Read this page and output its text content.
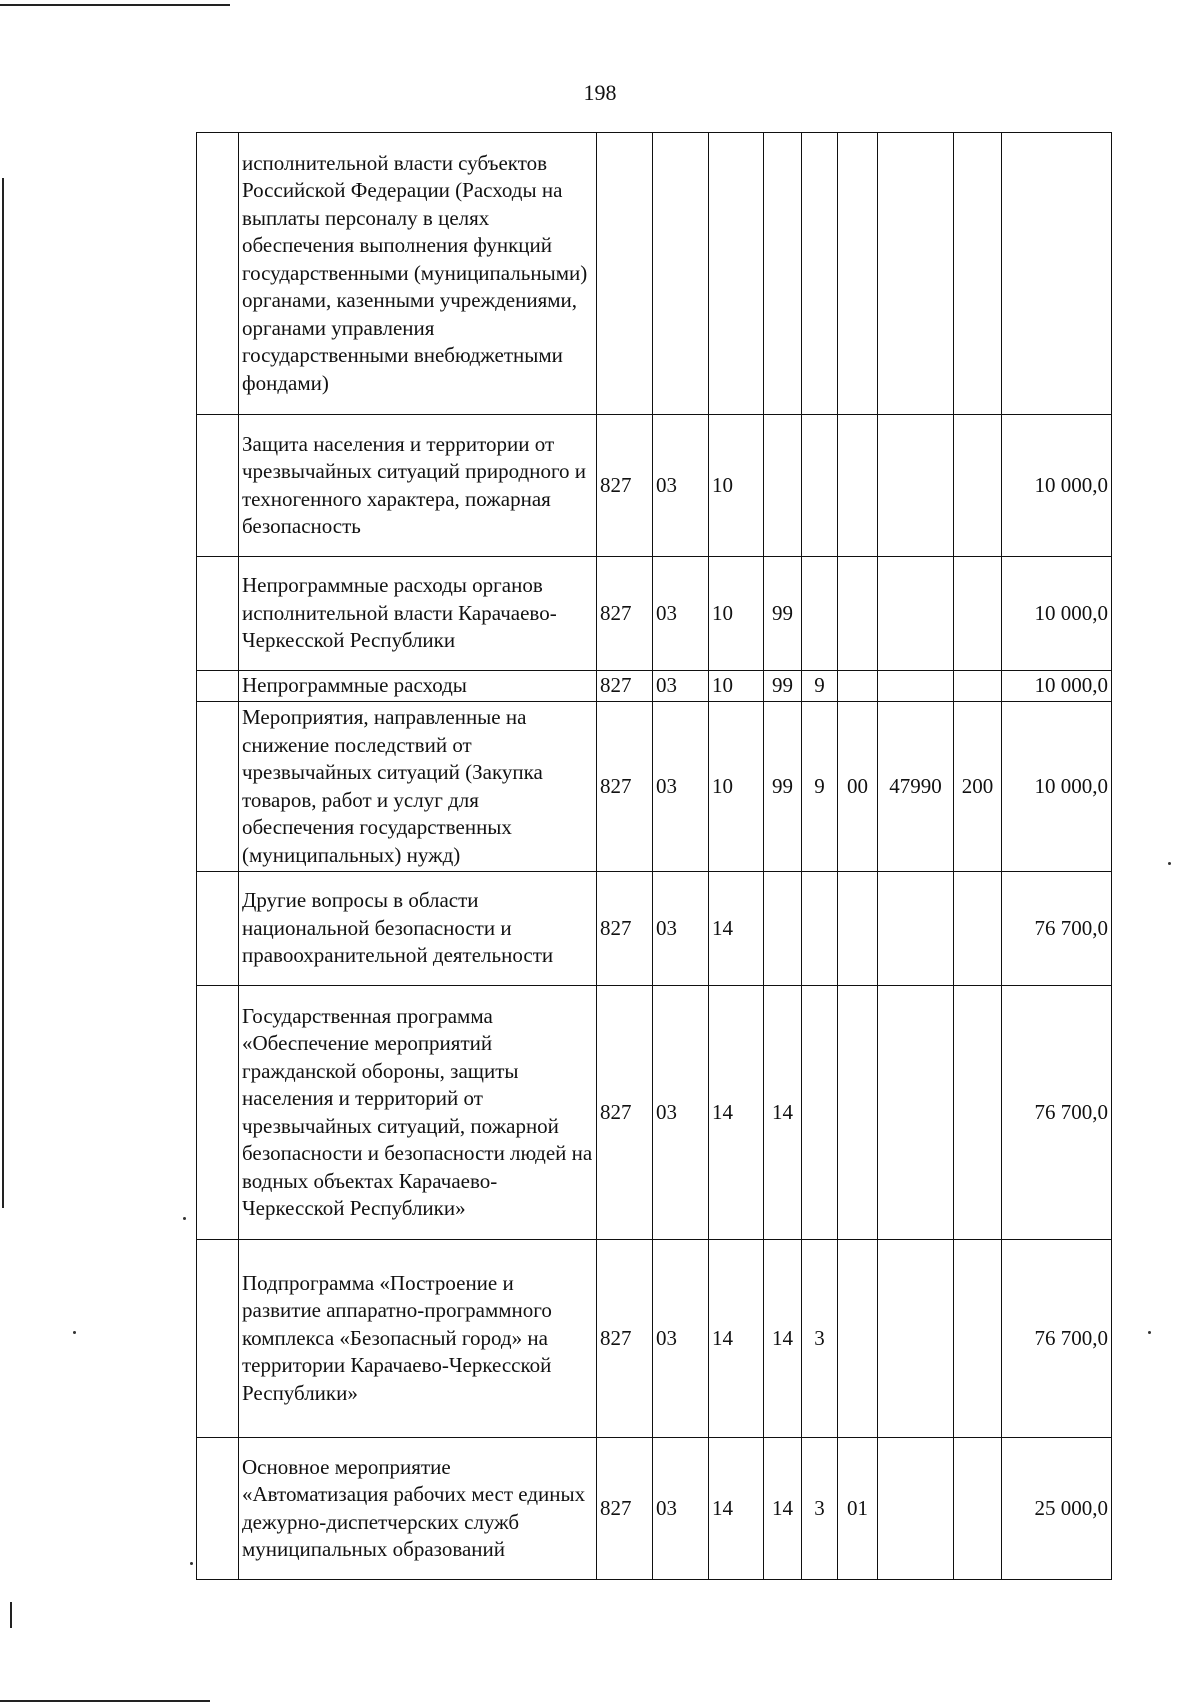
198
	исполнительной власти субъектов Российской Федерации (Расходы на выплаты персоналу в целях обеспечения выполнения функций государственными (муниципальными) органами, казенными учреждениями, органами управления государственными внебюджетными фондами)									
	Защита населения и территории от чрезвычайных ситуаций природного и техногенного характера, пожарная безопасность	827	03	10						10 000,0
	Непрограммные расходы органов исполнительной власти Карачаево-Черкесской Республики	827	03	10	99					10 000,0
	Непрограммные расходы	827	03	10	99	9				10 000,0
	Мероприятия, направленные на снижение последствий от чрезвычайных ситуаций (Закупка товаров, работ и услуг для обеспечения государственных (муниципальных) нужд)	827	03	10	99	9	00	47990	200	10 000,0
	Другие вопросы в области национальной безопасности и правоохранительной деятельности	827	03	14						76 700,0
	Государственная программа «Обеспечение мероприятий гражданской обороны, защиты населения и территорий от чрезвычайных ситуаций, пожарной безопасности и безопасности людей на водных объектах Карачаево-Черкесской Республики»	827	03	14	14					76 700,0
	Подпрограмма «Построение и развитие аппаратно-программного комплекса «Безопасный город» на территории Карачаево-Черкесской Республики»	827	03	14	14	3				76 700,0
	Основное мероприятие «Автоматизация рабочих мест единых дежурно-диспетчерских служб муниципальных образований	827	03	14	14	3	01			25 000,0
